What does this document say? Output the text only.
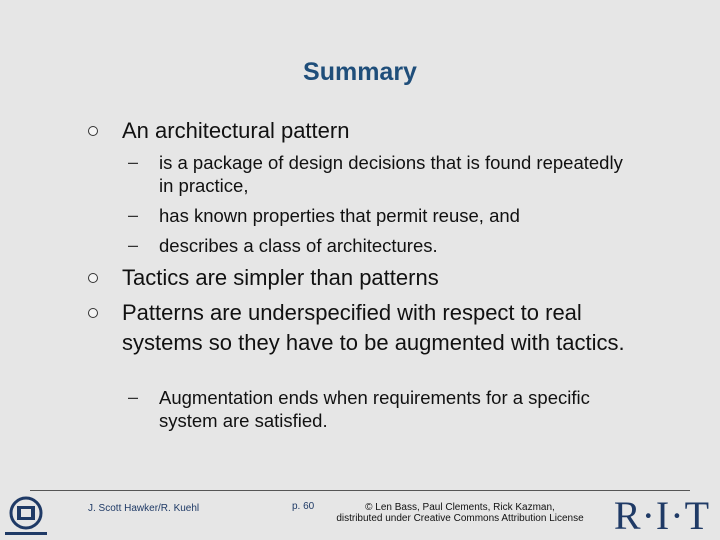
Summary
An architectural pattern
– is a package of design decisions that is found repeatedly in practice,
– has known properties that permit reuse, and
– describes a class of architectures.
Tactics are simpler than patterns
Patterns are underspecified with respect to real systems so they have to be augmented with tactics.
– Augmentation ends when requirements for a specific system are satisfied.
J. Scott Hawker/R. Kuehl	p. 60	© Len Bass, Paul Clements, Rick Kazman,
distributed under Creative Commons Attribution License R·I·T
